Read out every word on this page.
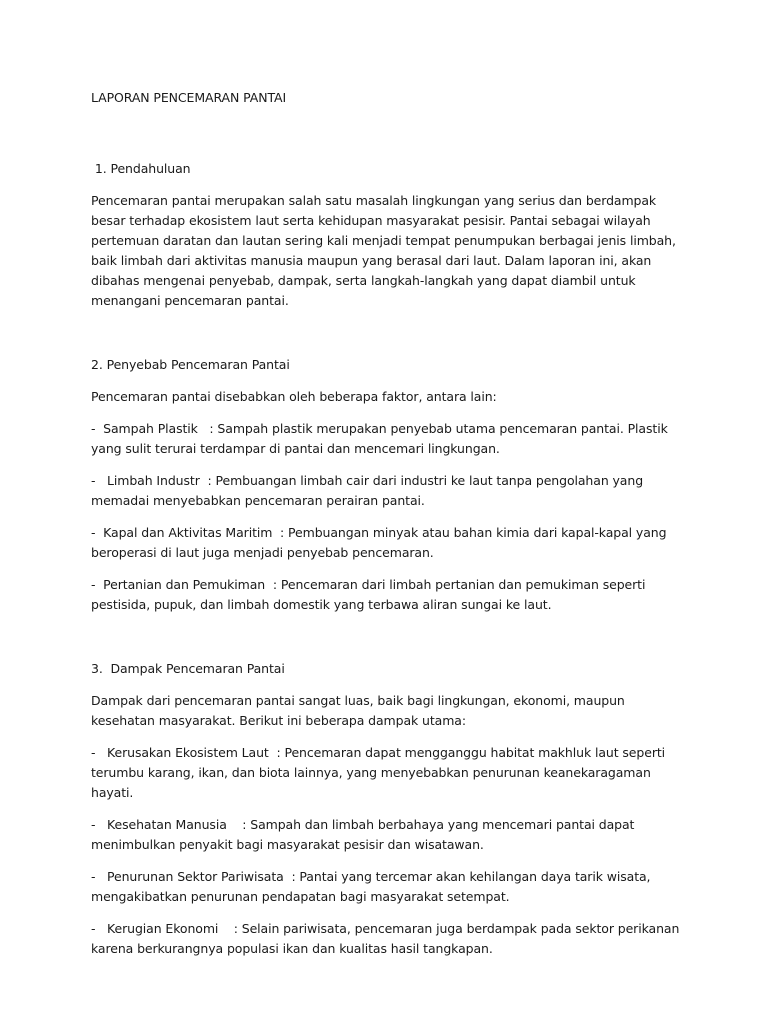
LAPORAN PENCEMARAN PANTAI

1. Pendahuluan

Pencemaran pantai merupakan salah satu masalah lingkungan yang serius dan berdampak besar terhadap ekosistem laut serta kehidupan masyarakat pesisir. Pantai sebagai wilayah pertemuan daratan dan lautan sering kali menjadi tempat penumpukan berbagai jenis limbah, baik limbah dari aktivitas manusia maupun yang berasal dari laut. Dalam laporan ini, akan dibahas mengenai penyebab, dampak, serta langkah-langkah yang dapat diambil untuk menangani pencemaran pantai.

2. Penyebab Pencemaran Pantai

Pencemaran pantai disebabkan oleh beberapa faktor, antara lain:

-  Sampah Plastik   : Sampah plastik merupakan penyebab utama pencemaran pantai. Plastik yang sulit terurai terdampar di pantai dan mencemari lingkungan.

-   Limbah Industr  : Pembuangan limbah cair dari industri ke laut tanpa pengolahan yang memadai menyebabkan pencemaran perairan pantai.

-  Kapal dan Aktivitas Maritim  : Pembuangan minyak atau bahan kimia dari kapal-kapal yang beroperasi di laut juga menjadi penyebab pencemaran.

-  Pertanian dan Pemukiman  : Pencemaran dari limbah pertanian dan pemukiman seperti pestisida, pupuk, dan limbah domestik yang terbawa aliran sungai ke laut.

3.  Dampak Pencemaran Pantai

Dampak dari pencemaran pantai sangat luas, baik bagi lingkungan, ekonomi, maupun kesehatan masyarakat. Berikut ini beberapa dampak utama:

-   Kerusakan Ekosistem Laut  : Pencemaran dapat mengganggu habitat makhluk laut seperti terumbu karang, ikan, dan biota lainnya, yang menyebabkan penurunan keanekaragaman hayati.

-   Kesehatan Manusia    : Sampah dan limbah berbahaya yang mencemari pantai dapat menimbulkan penyakit bagi masyarakat pesisir dan wisatawan.

-   Penurunan Sektor Pariwisata  : Pantai yang tercemar akan kehilangan daya tarik wisata, mengakibatkan penurunan pendapatan bagi masyarakat setempat.

-   Kerugian Ekonomi    : Selain pariwisata, pencemaran juga berdampak pada sektor perikanan karena berkurangnya populasi ikan dan kualitas hasil tangkapan.
